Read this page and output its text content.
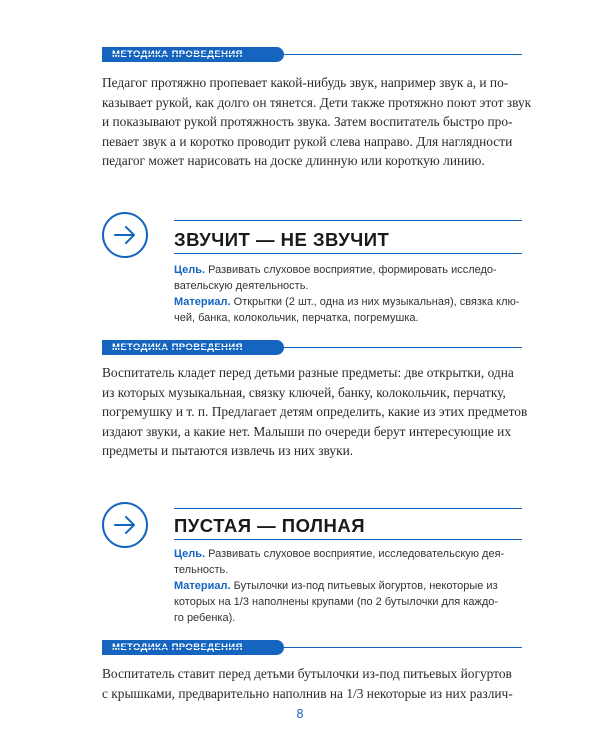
Педагог протяжно пропевает какой-нибудь звук, например звук а, и по-
казывает рукой, как долго он тянется. Дети также протяжно поют этот звук
и показывают рукой протяжность звука. Затем воспитатель быстро про-
певает звук а и коротко проводит рукой слева направо. Для наглядности
педагог может нарисовать на доске длинную или короткую линию.
ЗВУЧИТ — НЕ ЗВУЧИТ
Цель. Развивать слуховое восприятие, формировать исследо-
вательскую деятельность.
Материал. Открытки (2 шт., одна из них музыкальная), связка клю-
чей, банка, колокольчик, перчатка, погремушка.
Воспитатель кладет перед детьми разные предметы: две открытки, одна
из которых музыкальная, связку ключей, банку, колокольчик, перчатку,
погремушку и т. п. Предлагает детям определить, какие из этих предметов
издают звуки, а какие нет. Малыши по очереди берут интересующие их
предметы и пытаются извлечь из них звуки.
ПУСТАЯ — ПОЛНАЯ
Цель. Развивать слуховое восприятие, исследовательскую дея-
тельность.
Материал. Бутылочки из-под питьевых йогуртов, некоторые из
которых на 1/3 наполнены крупами (по 2 бутылочки для каждо-
го ребенка).
Воспитатель ставит перед детьми бутылочки из-под питьевых йогуртов
с крышками, предварительно наполнив на 1/3 некоторые из них различ-
8
